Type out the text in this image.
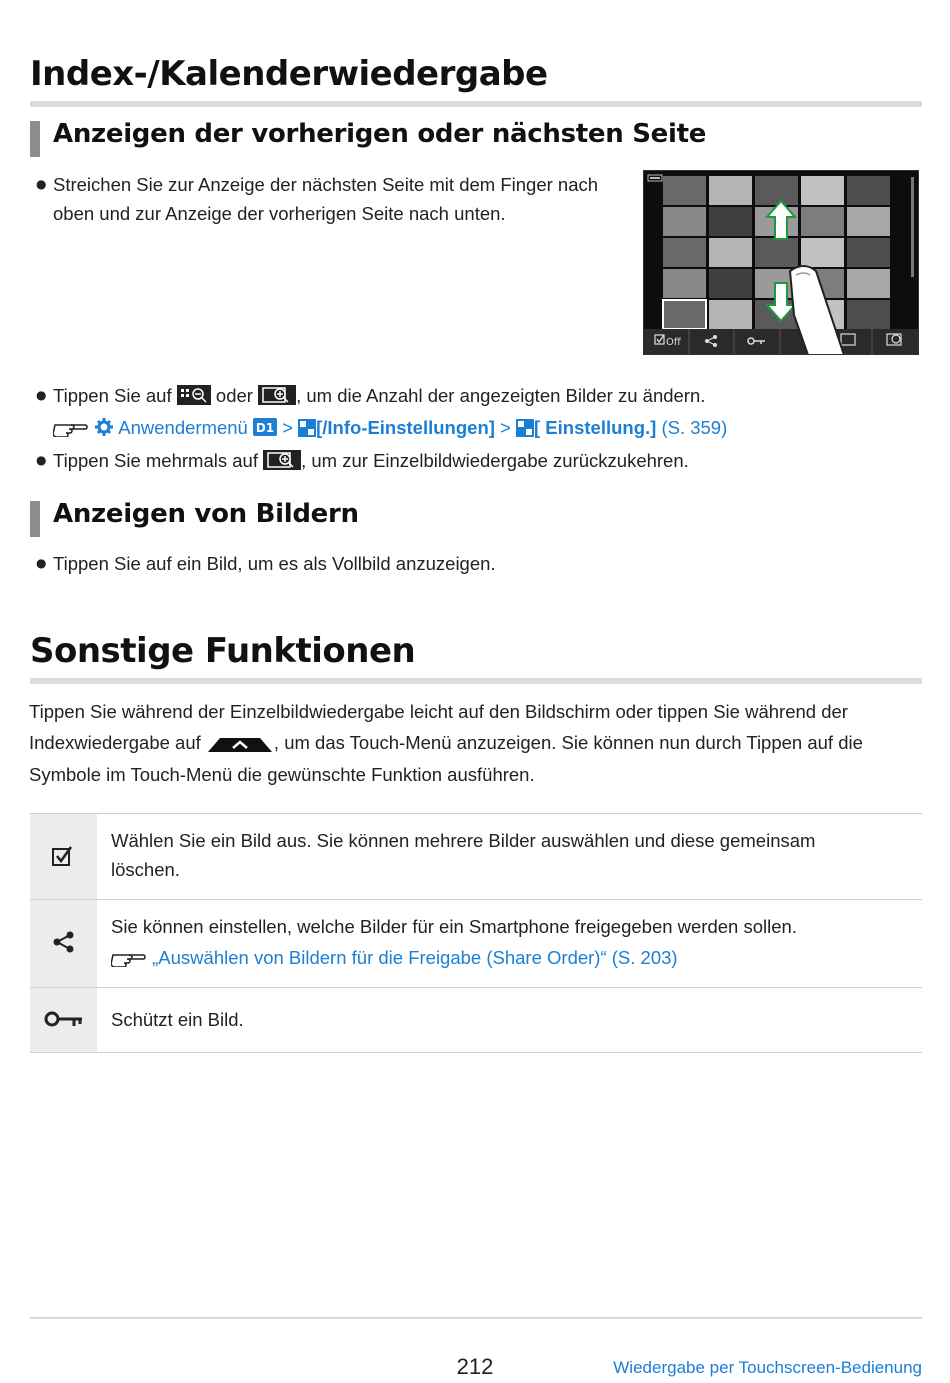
Index-/Kalenderwiedergabe
Anzeigen der vorherigen oder nächsten Seite
● Streichen Sie zur Anzeige der nächsten Seite mit dem Finger nach oben und zur Anzeige der vorherigen Seite nach unten.
Off
● Tippen Sie auf oder , um die Anzahl der angezeigten Bilder zu ändern.
Anwendermenü D1 > [/Info-Einstellungen] > [ Einstellung.] (S. 359)
● Tippen Sie mehrmals auf , um zur Einzelbildwiedergabe zurückzukehren.
Anzeigen von Bildern
● Tippen Sie auf ein Bild, um es als Vollbild anzuzeigen.
Sonstige Funktionen
Tippen Sie während der Einzelbildwiedergabe leicht auf den Bildschirm oder tippen Sie während der
Indexwiedergabe auf	, um das Touch-Menü anzuzeigen. Sie können nun durch Tippen auf die
Symbole im Touch-Menü die gewünschte Funktion ausführen.
Wählen Sie ein Bild aus. Sie können mehrere Bilder auswählen und diese gemeinsam
löschen.
Sie können einstellen, welche Bilder für ein Smartphone freigegeben werden sollen.
„Auswählen von Bildern für die Freigabe (Share Order)“ (S. 203)
Schützt ein Bild.
212	Wiedergabe per Touchscreen-Bedienung
